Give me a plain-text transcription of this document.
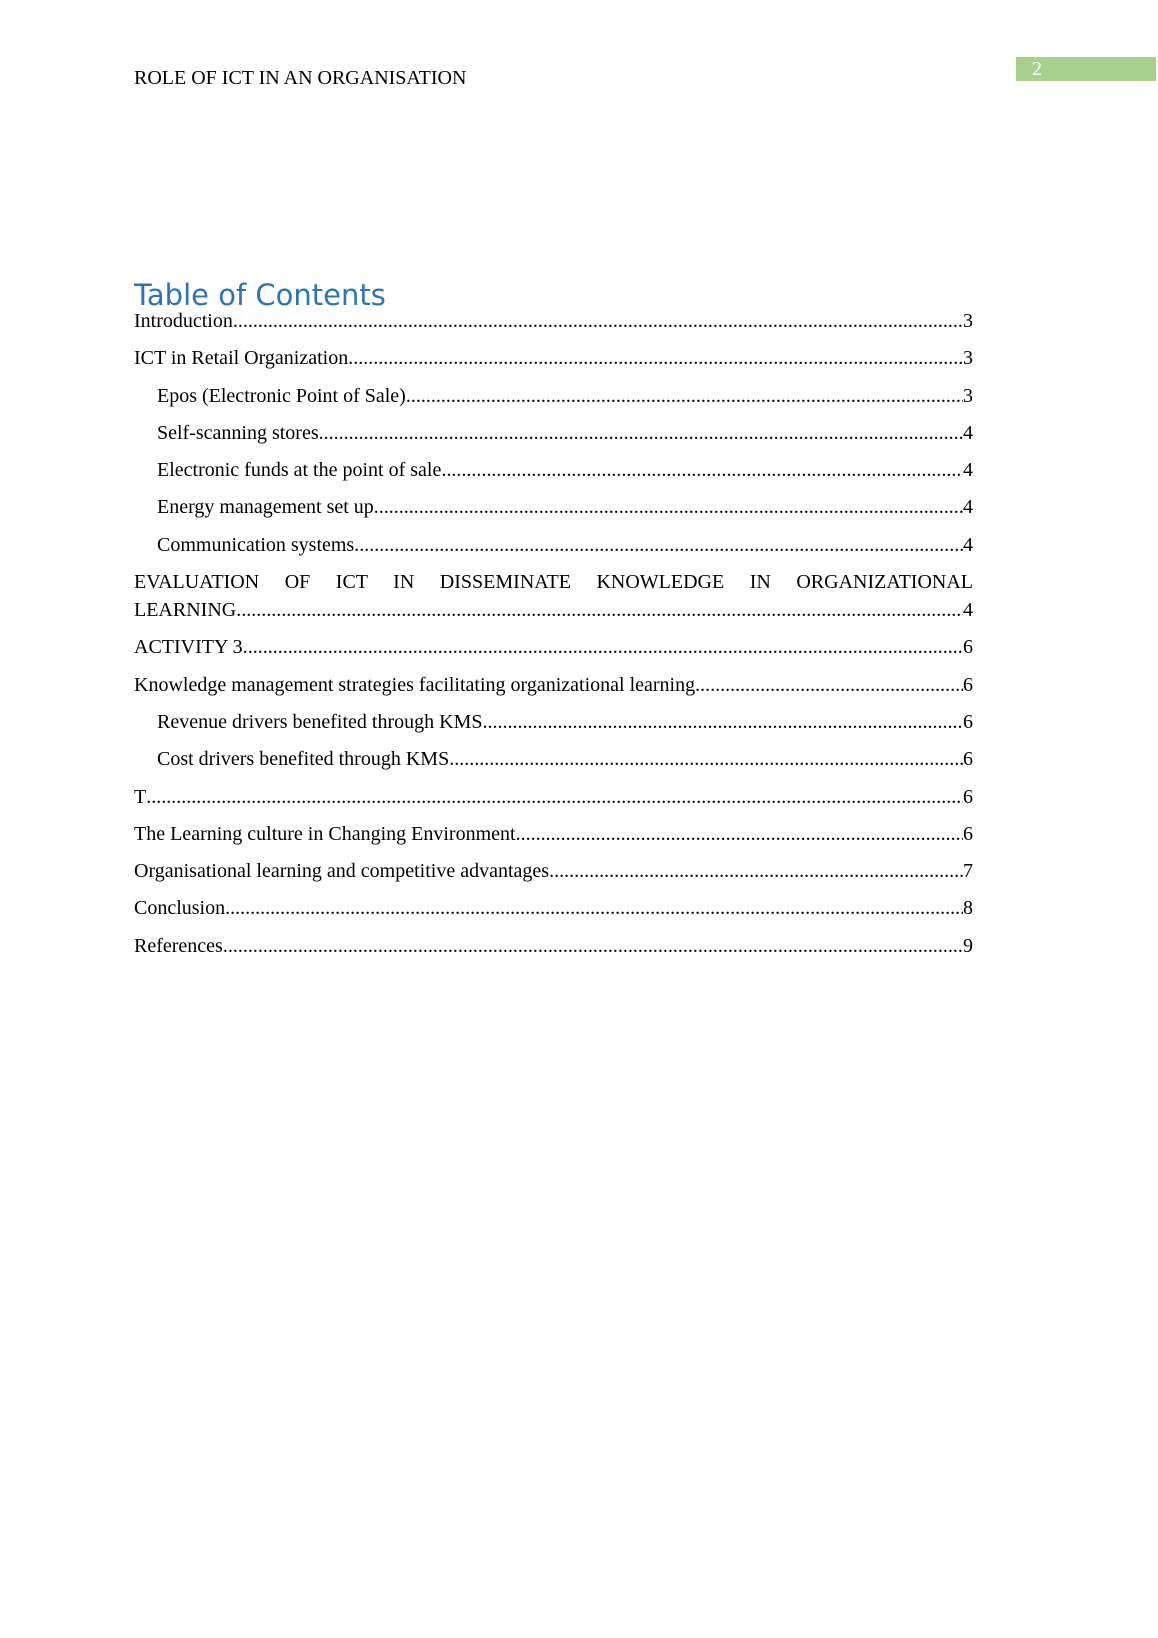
ROLE OF ICT IN AN ORGANISATION	2
Table of Contents
Introduction .....	3
ICT in Retail Organization .....	3
Epos (Electronic Point of Sale) .....	3
Self-scanning stores .....	4
Electronic funds at the point of sale .....	4
Energy management set up .....	4
Communication systems .....	4
EVALUATION OF ICT IN DISSEMINATE KNOWLEDGE IN ORGANIZATIONAL
LEARNING .....	4
ACTIVITY 3 .....	6
Knowledge management strategies facilitating organizational learning .....	6
Revenue drivers benefited through KMS .....	6
Cost drivers benefited through KMS .....	6
T .....	6
The Learning culture in Changing Environment .....	6
Organisational learning and competitive advantages .....	7
Conclusion .....	8
References .....	9
